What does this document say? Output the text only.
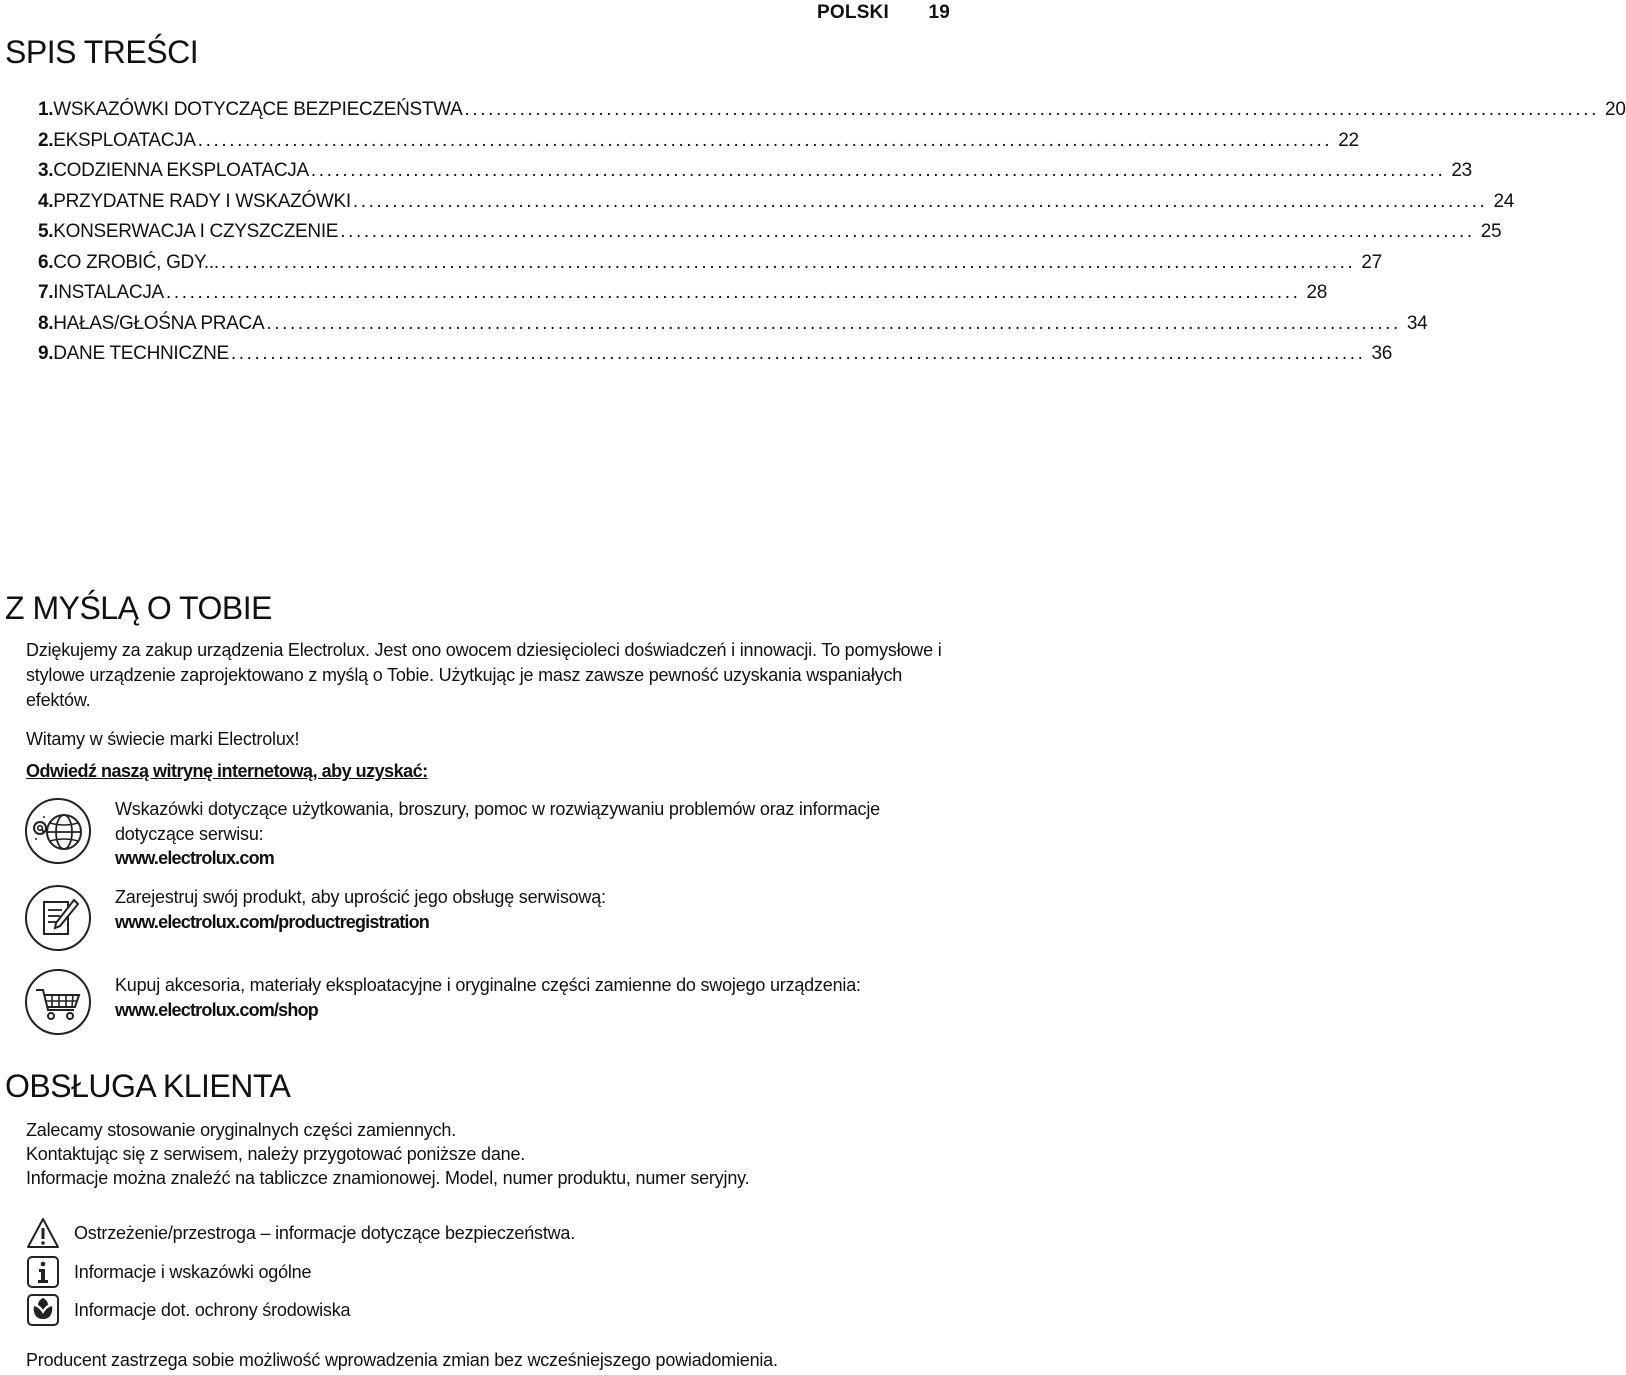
POLSKI 19
SPIS TREŚCI
1. WSKAZÓWKI DOTYCZĄCE BEZPIECZEŃSTWA ................................................................................................................................................ 20
2. EKSPLOATACJA ................................................................................................................................................ 22
3. CODZIENNA EKSPLOATACJA ................................................................................................................................................ 23
4. PRZYDATNE RADY I WSKAZÓWKI ................................................................................................................................................ 24
5. KONSERWACJA I CZYSZCZENIE ................................................................................................................................................ 25
6. CO ZROBIĆ, GDY... ................................................................................................................................................ 27
7. INSTALACJA ................................................................................................................................................ 28
8. HAŁAS/GŁOŚNA PRACA ................................................................................................................................................ 34
9. DANE TECHNICZNE ................................................................................................................................................ 36
Z MYŚLĄ O TOBIE
Dziękujemy za zakup urządzenia Electrolux. Jest ono owocem dziesięcioleci doświadczeń i innowacji. To pomysłowe i stylowe urządzenie zaprojektowano z myślą o Tobie. Użytkując je masz zawsze pewność uzyskania wspaniałych efektów.
Witamy w świecie marki Electrolux!
Odwiedź naszą witrynę internetową, aby uzyskać:
Wskazówki dotyczące użytkowania, broszury, pomoc w rozwiązywaniu problemów oraz informacje dotyczące serwisu:
www.electrolux.com
Zarejestruj swój produkt, aby uprościć jego obsługę serwisową:
www.electrolux.com/productregistration
Kupuj akcesoria, materiały eksploatacyjne i oryginalne części zamienne do swojego urządzenia:
www.electrolux.com/shop
OBSŁUGA KLIENTA
Zalecamy stosowanie oryginalnych części zamiennych.
Kontaktując się z serwisem, należy przygotować poniższe dane.
Informacje można znaleźć na tabliczce znamionowej. Model, numer produktu, numer seryjny.
Ostrzeżenie/przestroga – informacje dotyczące bezpieczeństwa.
Informacje i wskazówki ogólne
Informacje dot. ochrony środowiska
Producent zastrzega sobie możliwość wprowadzenia zmian bez wcześniejszego powiadomienia.
